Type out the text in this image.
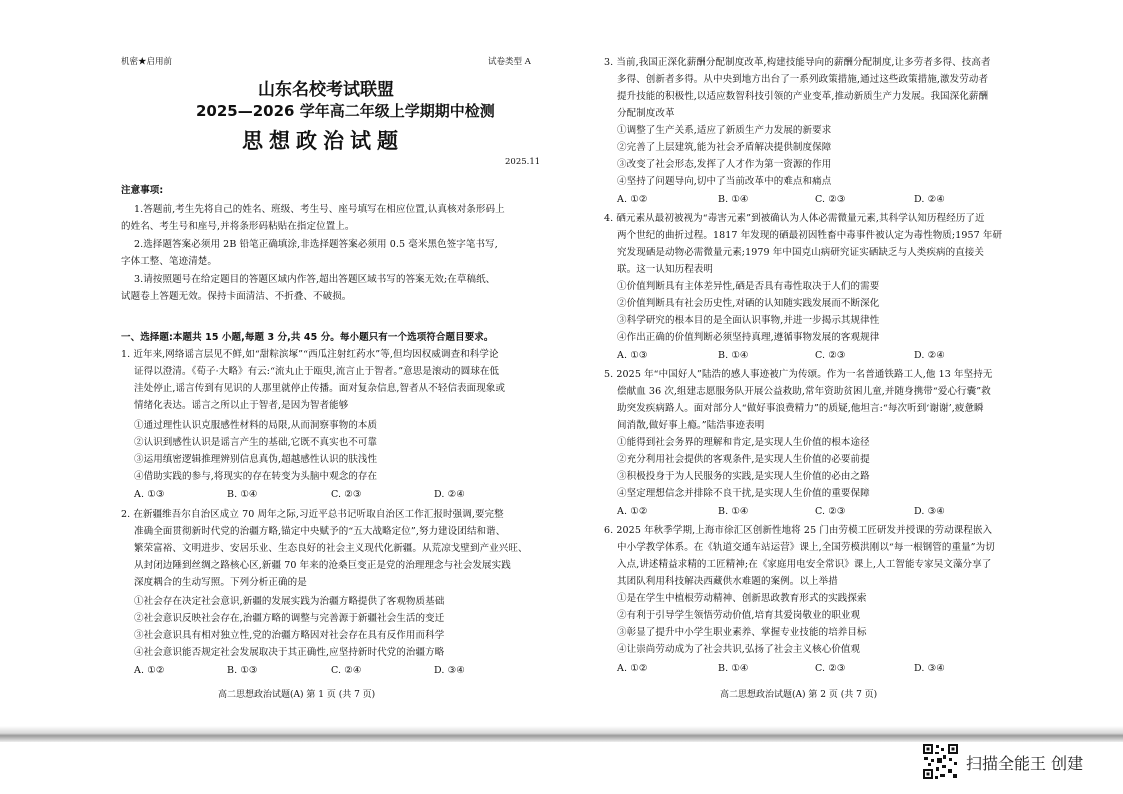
机密★启用前	试卷类型 A
山东名校考试联盟
2025—2026 学年高二年级上学期期中检测
思想政治试题
2025.11
注意事项:
1.答题前,考生先将自己的姓名、班级、考生号、座号填写在相应位置,认真核对条形码上
的姓名、考生号和座号,并将条形码粘贴在指定位置上。
2.选择题答案必须用 2B 铅笔正确填涂,非选择题答案必须用 0.5 毫米黑色签字笔书写,
字体工整、笔迹清楚。
3.请按照题号在给定题目的答题区域内作答,超出答题区域书写的答案无效;在草稿纸、
试题卷上答题无效。保持卡面清洁、不折叠、不破损。
一、选择题:本题共 15 小题,每题 3 分,共 45 分。每小题只有一个选项符合题目要求。
1. 近年来,网络谣言层见不鲜,如“甜粽滨塚”“西瓜注射红药水”等,但均因权威调查和科学论
证得以澄清。《荀子·大略》有云:“流丸止于瓯臾,流言止于智者。”意思是滚动的圆球在低
洼处停止,谣言传到有见识的人那里就停止传播。面对复杂信息,智者从不轻信表面现象或
情绪化表达。谣言之所以止于智者,是因为智者能够
①通过理性认识克服感性材料的局限,从而洞察事物的本质
②认识到感性认识是谣言产生的基础,它既不真实也不可靠
③运用缜密逻辑推理辨别信息真伪,超越感性认识的肤浅性
④借助实践的参与,将现实的存在转变为头脑中观念的存在
A. ①③	B. ①④	C. ②③	D. ②④
2. 在新疆维吾尔自治区成立 70 周年之际,习近平总书记听取自治区工作汇报时强调,要完整
准确全面贯彻新时代党的治疆方略,锚定中央赋予的“五大战略定位”,努力建设团结和谐、
繁荣富裕、文明进步、安居乐业、生态良好的社会主义现代化新疆。从荒凉戈壁到产业兴旺、
从封闭边陲到丝绸之路核心区,新疆 70 年来的沧桑巨变正是党的治理理念与社会发展实践
深度耦合的生动写照。下列分析正确的是
①社会存在决定社会意识,新疆的发展实践为治疆方略提供了客观物质基础
②社会意识反映社会存在,治疆方略的调整与完善源于新疆社会生活的变迁
③社会意识具有相对独立性,党的治疆方略因对社会存在具有反作用而科学
④社会意识能否规定社会发展取决于其正确性,应坚持新时代党的治疆方略
A. ①②	B. ①③	C. ②④	D. ③④
高二思想政治试题(A) 第 1 页 (共 7 页)
3. 当前,我国正深化薪酬分配制度改革,构建技能导向的薪酬分配制度,让多劳者多得、技高者
多得、创新者多得。从中央到地方出台了一系列政策措施,通过这些政策措施,激发劳动者
提升技能的积极性,以适应数智科技引领的产业变革,推动新质生产力发展。我国深化薪酬
分配制度改革
①调整了生产关系,适应了新质生产力发展的新要求
②完善了上层建筑,能为社会矛盾解决提供制度保障
③改变了社会形态,发挥了人才作为第一资源的作用
④坚持了问题导向,切中了当前改革中的难点和痛点
A. ①②	B. ①④	C. ②③	D. ②④
4. 硒元素从最初被视为“毒害元素”到被确认为人体必需微量元素,其科学认知历程经历了近
两个世纪的曲折过程。1817 年发现的硒最初因牲畜中毒事件被认定为毒性物质;1957 年研
究发现硒是动物必需微量元素;1979 年中国克山病研究证实硒缺乏与人类疾病的直接关
联。这一认知历程表明
①价值判断具有主体差异性,硒是否具有毒性取决于人们的需要
②价值判断具有社会历史性,对硒的认知随实践发展而不断深化
③科学研究的根本目的是全面认识事物,并进一步揭示其规律性
④作出正确的价值判断必须坚持真理,遵循事物发展的客观规律
A. ①③	B. ①④	C. ②③	D. ②④
5. 2025 年“中国好人”陆浩的感人事迹被广为传颂。作为一名普通铁路工人,他 13 年坚持无
偿献血 36 次,组建志愿服务队开展公益救助,常年资助贫困儿童,并随身携带“爱心行囊”救
助突发疾病路人。面对部分人“做好事浪费精力”的质疑,他坦言:“每次听到‘谢谢’,疲惫瞬
间消散,做好事上瘾。”陆浩事迹表明
①能得到社会务界的理解和肯定,是实现人生价值的根本途径
②充分利用社会提供的客观条件,是实现人生价值的必要前提
③积极投身于为人民服务的实践,是实现人生价值的必由之路
④坚定理想信念并排除不良干扰,是实现人生价值的重要保障
A. ①②	B. ①④	C. ②③	D. ③④
6. 2025 年秋季学期,上海市徐汇区创新性地将 25 门由劳模工匠研发并授课的劳动课程嵌入
中小学教学体系。在《轨道交通车站运营》课上,全国劳模洪刚以“每一根钢管的重量”为切
入点,讲述精益求精的工匠精神;在《家庭用电安全常识》课上,人工智能专家吴文藻分享了
其团队利用科技解决西藏供水难题的案例。以上举措
①是在学生中植根劳动精神、创新思政教育形式的实践探索
②有利于引导学生领悟劳动价值,培育其爱岗敬业的职业观
③彰显了提升中小学生职业素养、掌握专业技能的培养目标
④让崇尚劳动成为了社会共识,弘扬了社会主义核心价值观
A. ①②	B. ①④	C. ②③	D. ③④
高二思想政治试题(A) 第 2 页 (共 7 页)
扫描全能王 创建
